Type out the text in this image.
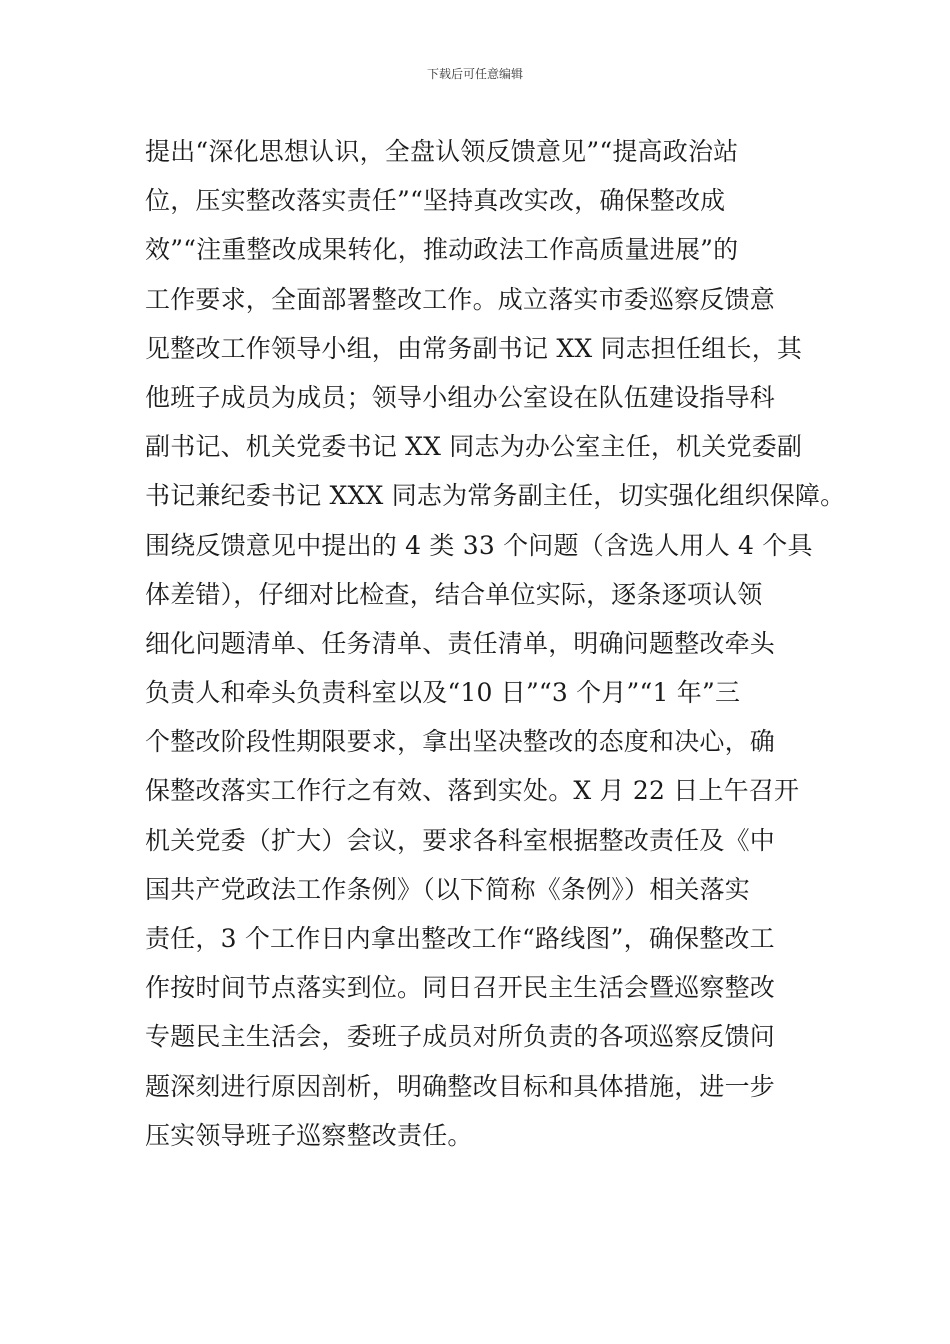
下载后可任意编辑
提出“深化思想认识，全盘认领反馈意见”“提高政治站
位，压实整改落实责任”“坚持真改实改，确保整改成
效”“注重整改成果转化，推动政法工作高质量进展”的
工作要求，全面部署整改工作。成立落实市委巡察反馈意
见整改工作领导小组，由常务副书记 XX 同志担任组长，其
他班子成员为成员；领导小组办公室设在队伍建设指导科
副书记、机关党委书记 XX 同志为办公室主任，机关党委副
书记兼纪委书记 XXX 同志为常务副主任，切实强化组织保障。
围绕反馈意见中提出的 4 类 33 个问题（含选人用人 4 个具
体差错），仔细对比检查，结合单位实际，逐条逐项认领
细化问题清单、任务清单、责任清单，明确问题整改牵头
负责人和牵头负责科室以及“10 日”“3 个月”“1 年”三
个整改阶段性期限要求，拿出坚决整改的态度和决心，确
保整改落实工作行之有效、落到实处。X 月 22 日上午召开
机关党委（扩大）会议，要求各科室根据整改责任及《中
国共产党政法工作条例》（以下简称《条例》）相关落实
责任，3 个工作日内拿出整改工作“路线图”，确保整改工
作按时间节点落实到位。同日召开民主生活会暨巡察整改
专题民主生活会，委班子成员对所负责的各项巡察反馈问
题深刻进行原因剖析，明确整改目标和具体措施，进一步
压实领导班子巡察整改责任。
